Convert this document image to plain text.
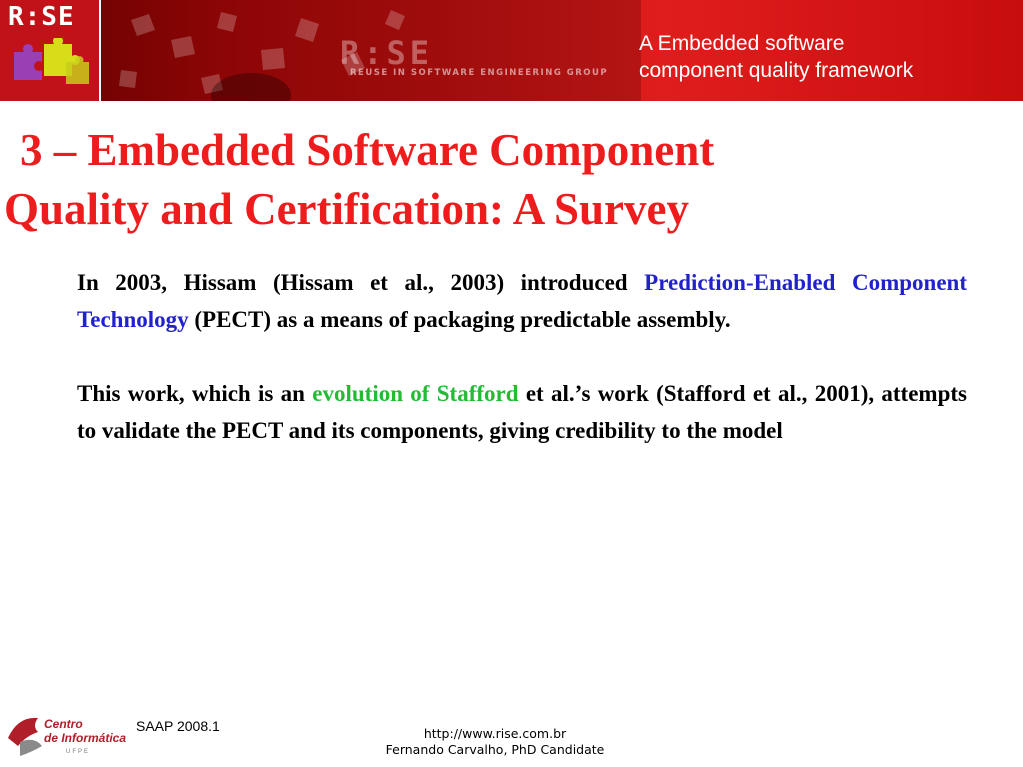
R:SE
R:SE
REUSE IN SOFTWARE ENGINEERING GROUP
A Embedded software
component quality framework
3 – Embedded Software Component
Quality and Certification: A Survey

In 2003, Hissam (Hissam et al., 2003) introduced Prediction-Enabled Component Technology (PECT) as a means of packaging predictable assembly.

This work, which is an evolution of Stafford et al.’s work (Stafford et al., 2001), attempts to validate the PECT and its components, giving credibility to the model

Centro
de Informática
UFPE
SAAP 2008.1	http://www.rise.com.br
Fernando Carvalho, PhD Candidate
